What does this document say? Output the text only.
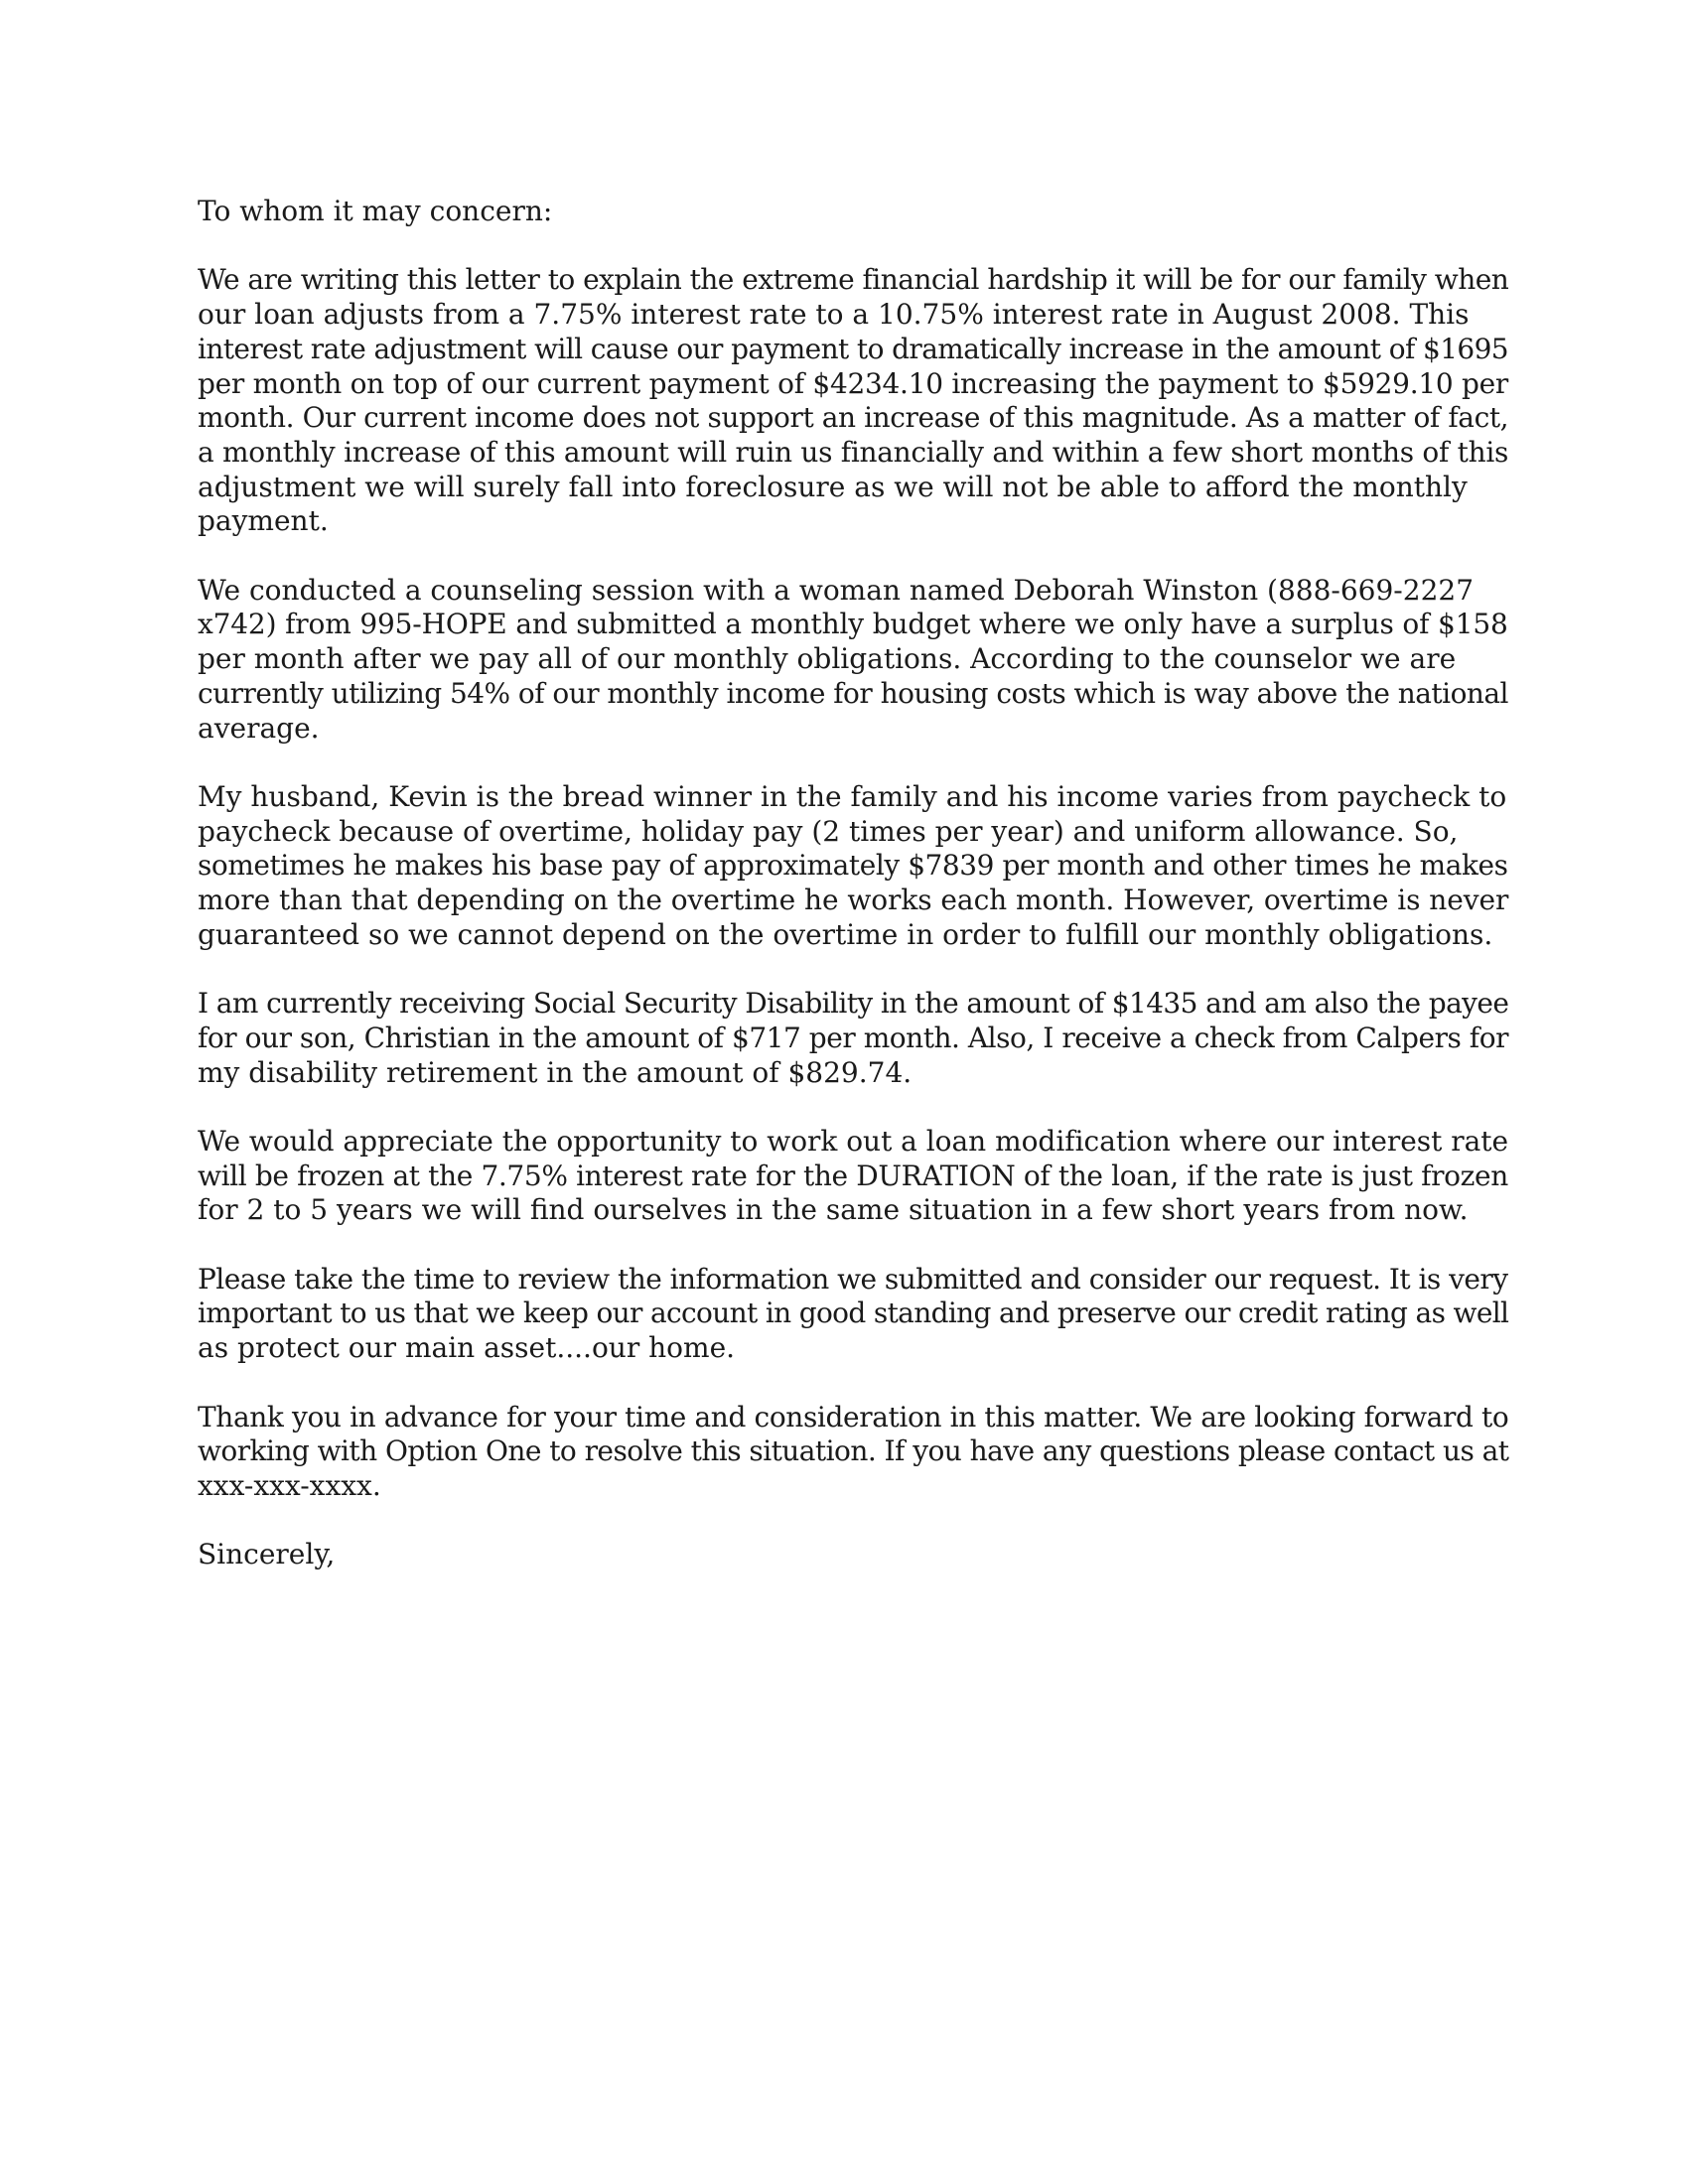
To whom it may concern:

We are writing this letter to explain the extreme financial hardship it will be for our family when
our loan adjusts from a 7.75% interest rate to a 10.75% interest rate in August 2008. This
interest rate adjustment will cause our payment to dramatically increase in the amount of $1695
per month on top of our current payment of $4234.10 increasing the payment to $5929.10 per
month. Our current income does not support an increase of this magnitude. As a matter of fact,
a monthly increase of this amount will ruin us financially and within a few short months of this
adjustment we will surely fall into foreclosure as we will not be able to afford the monthly
payment.

We conducted a counseling session with a woman named Deborah Winston (888-669-2227
x742) from 995-HOPE and submitted a monthly budget where we only have a surplus of $158
per month after we pay all of our monthly obligations. According to the counselor we are
currently utilizing 54% of our monthly income for housing costs which is way above the national
average.

My husband, Kevin is the bread winner in the family and his income varies from paycheck to
paycheck because of overtime, holiday pay (2 times per year) and uniform allowance. So,
sometimes he makes his base pay of approximately $7839 per month and other times he makes
more than that depending on the overtime he works each month. However, overtime is never
guaranteed so we cannot depend on the overtime in order to fulfill our monthly obligations.

I am currently receiving Social Security Disability in the amount of $1435 and am also the payee
for our son, Christian in the amount of $717 per month. Also, I receive a check from Calpers for
my disability retirement in the amount of $829.74.

We would appreciate the opportunity to work out a loan modification where our interest rate
will be frozen at the 7.75% interest rate for the DURATION of the loan, if the rate is just frozen
for 2 to 5 years we will find ourselves in the same situation in a few short years from now.

Please take the time to review the information we submitted and consider our request. It is very
important to us that we keep our account in good standing and preserve our credit rating as well
as protect our main asset....our home.

Thank you in advance for your time and consideration in this matter. We are looking forward to
working with Option One to resolve this situation. If you have any questions please contact us at
xxx-xxx-xxxx.

Sincerely,
